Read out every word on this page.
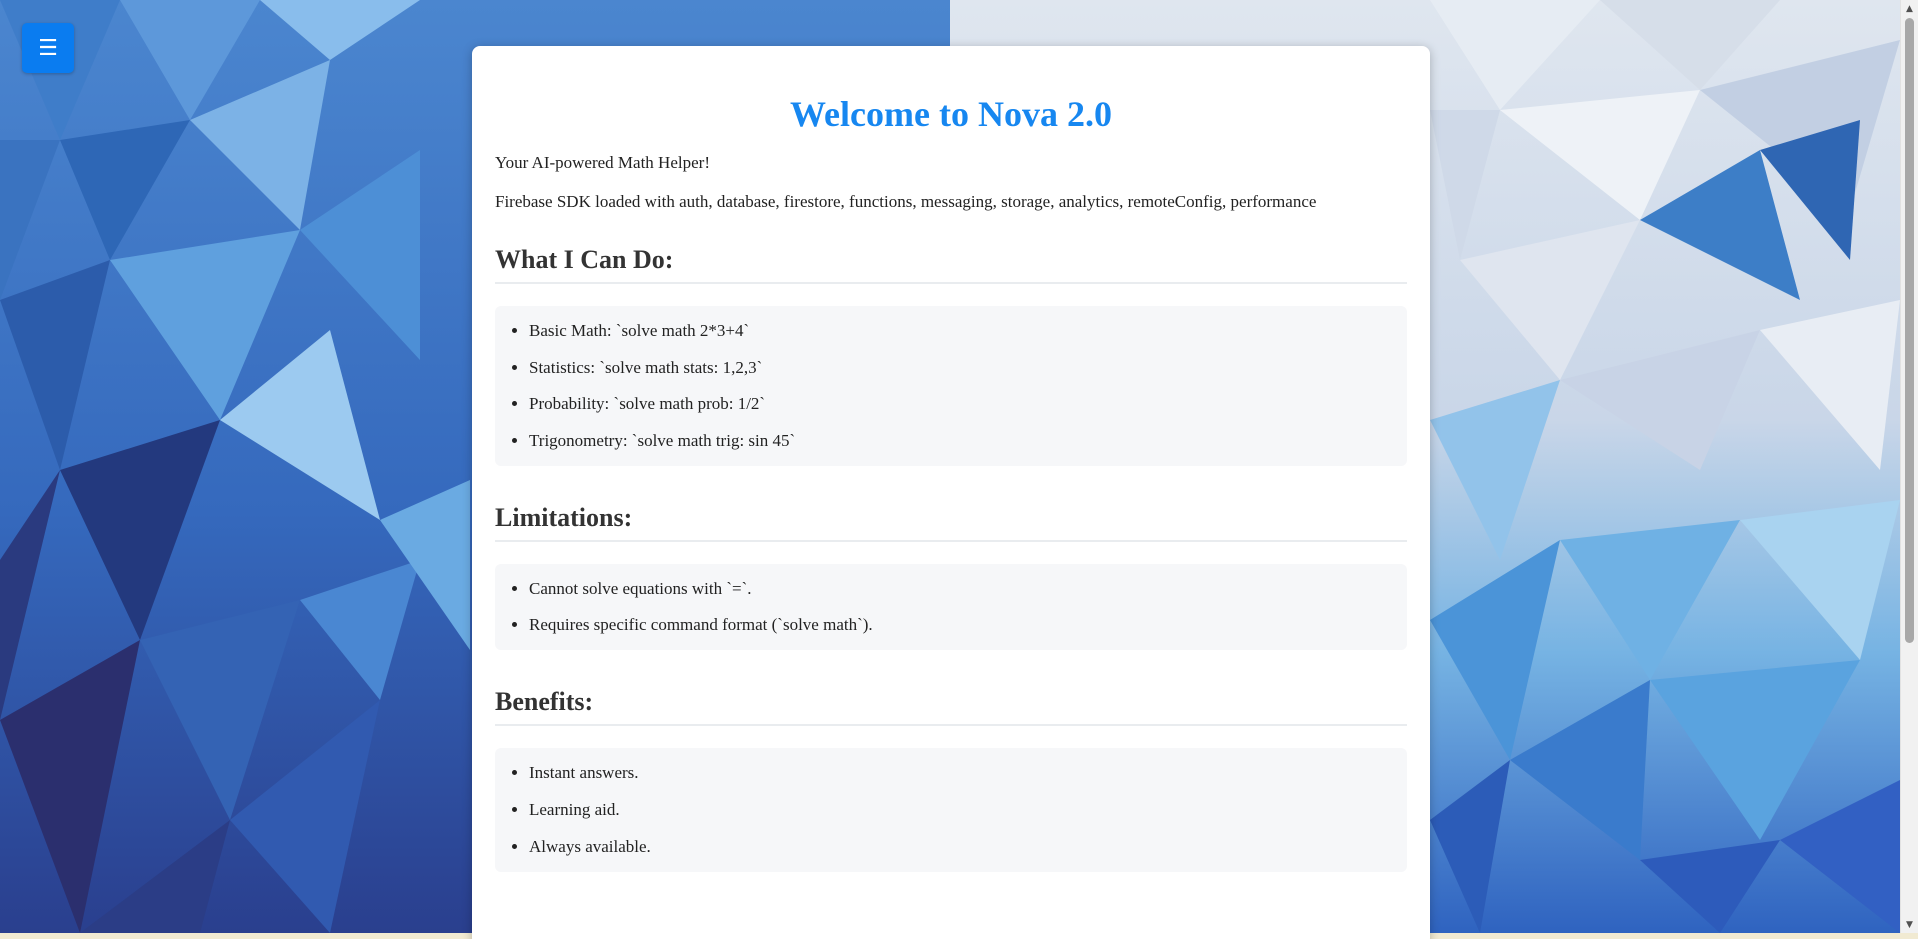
☰
Welcome to Nova 2.0

Your AI-powered Math Helper!

Firebase SDK loaded with auth, database, firestore, functions, messaging, storage, analytics, remoteConfig, performance

What I Can Do:
• Basic Math: `solve math 2*3+4`
• Statistics: `solve math stats: 1,2,3`
• Probability: `solve math prob: 1/2`
• Trigonometry: `solve math trig: sin 45`
Limitations:
• Cannot solve equations with `=`.
• Requires specific command format (`solve math`).
Benefits:
• Instant answers.
• Learning aid.
• Always available.
▲
▼
